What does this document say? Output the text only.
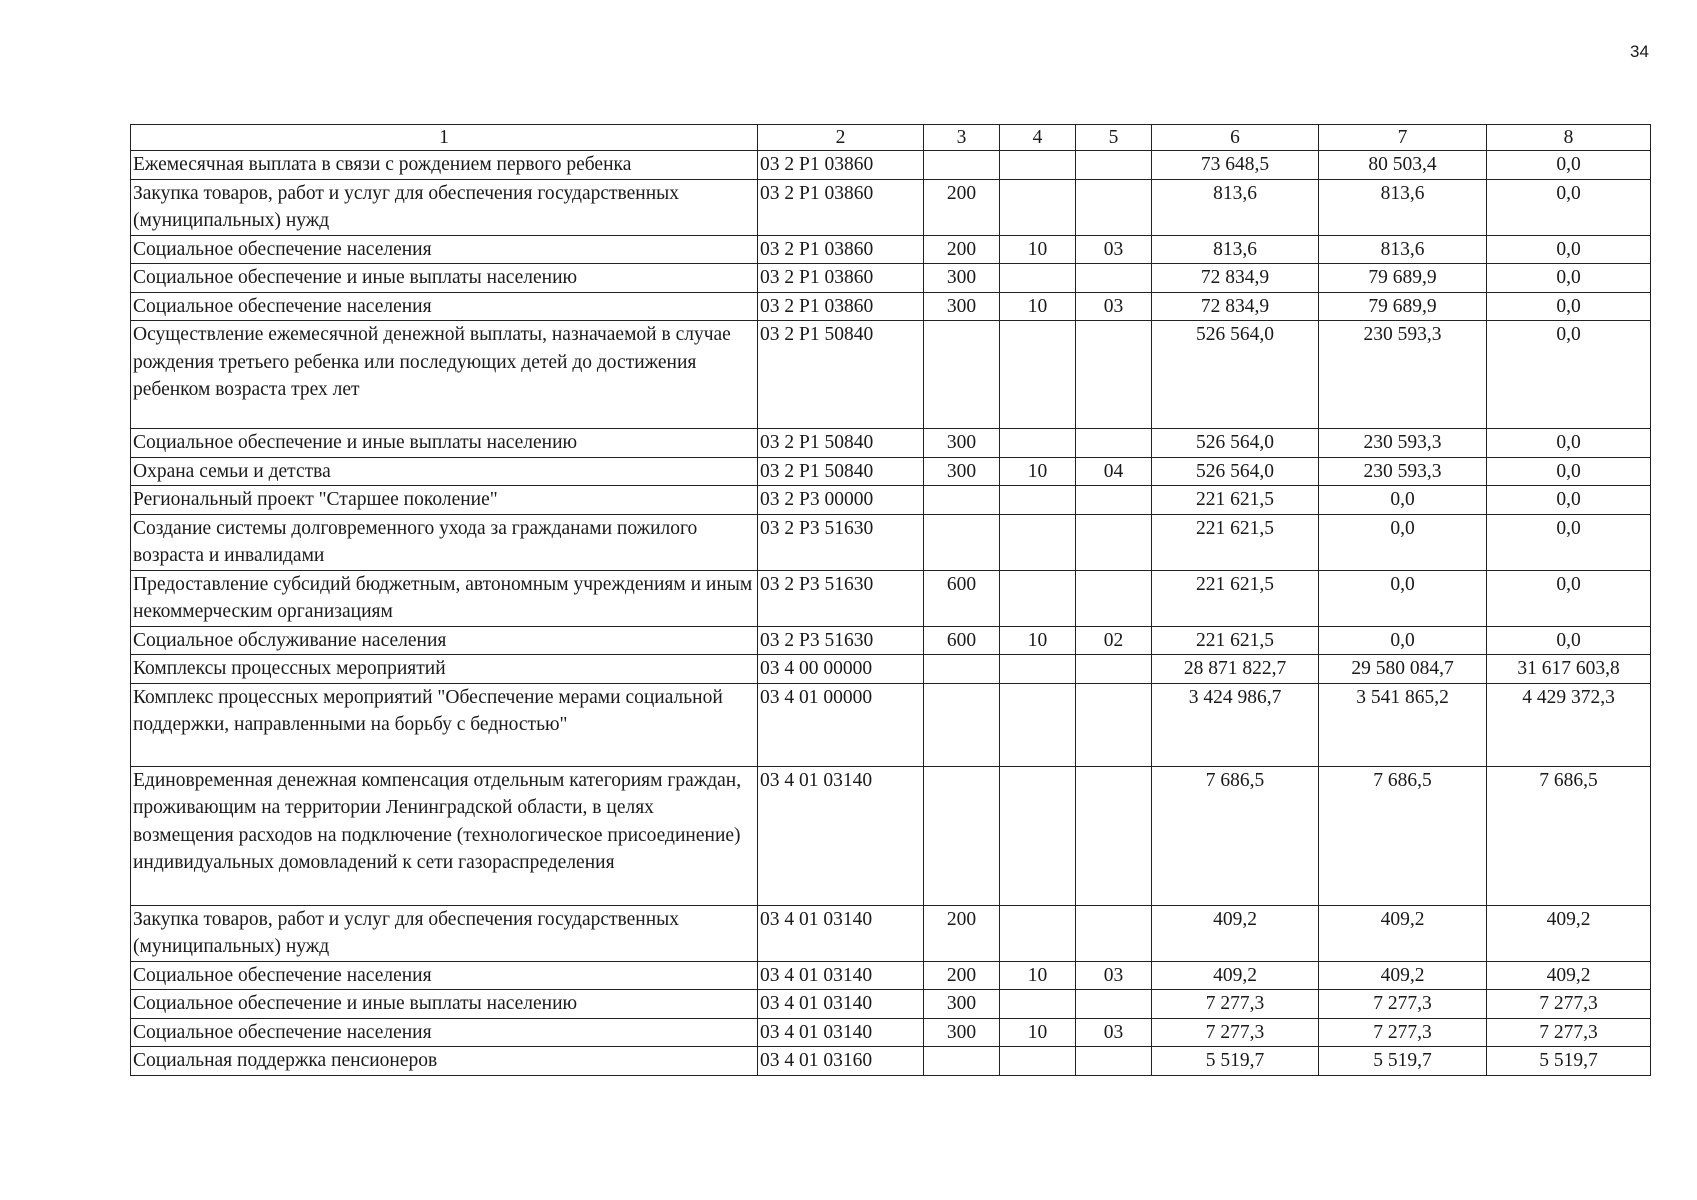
34
1	2	3	4	5	6	7	8
Ежемесячная выплата в связи с рождением первого ребенка	03 2 P1 03860				73 648,5	80 503,4	0,0
Закупка товаров, работ и услуг для обеспечения государственных (муниципальных) нужд	03 2 P1 03860	200			813,6	813,6	0,0
Социальное обеспечение населения	03 2 P1 03860	200	10	03	813,6	813,6	0,0
Социальное обеспечение и иные выплаты населению	03 2 P1 03860	300			72 834,9	79 689,9	0,0
Социальное обеспечение населения	03 2 P1 03860	300	10	03	72 834,9	79 689,9	0,0
Осуществление ежемесячной денежной выплаты, назначаемой в случае рождения третьего ребенка или последующих детей до достижения ребенком возраста трех лет	03 2 P1 50840				526 564,0	230 593,3	0,0
Социальное обеспечение и иные выплаты населению	03 2 P1 50840	300			526 564,0	230 593,3	0,0
Охрана семьи и детства	03 2 P1 50840	300	10	04	526 564,0	230 593,3	0,0
Региональный проект "Старшее поколение"	03 2 P3 00000				221 621,5	0,0	0,0
Создание системы долговременного ухода за гражданами пожилого возраста и инвалидами	03 2 P3 51630				221 621,5	0,0	0,0
Предоставление субсидий бюджетным, автономным учреждениям и иным некоммерческим организациям	03 2 P3 51630	600			221 621,5	0,0	0,0
Социальное обслуживание населения	03 2 P3 51630	600	10	02	221 621,5	0,0	0,0
Комплексы процессных мероприятий	03 4 00 00000				28 871 822,7	29 580 084,7	31 617 603,8
Комплекс процессных мероприятий "Обеспечение мерами социальной поддержки, направленными на борьбу с бедностью"	03 4 01 00000				3 424 986,7	3 541 865,2	4 429 372,3
Единовременная денежная компенсация отдельным категориям граждан, проживающим на территории Ленинградской области, в целях возмещения расходов на подключение (технологическое присоединение) индивидуальных домовладений к сети газораспределения	03 4 01 03140				7 686,5	7 686,5	7 686,5
Закупка товаров, работ и услуг для обеспечения государственных (муниципальных) нужд	03 4 01 03140	200			409,2	409,2	409,2
Социальное обеспечение населения	03 4 01 03140	200	10	03	409,2	409,2	409,2
Социальное обеспечение и иные выплаты населению	03 4 01 03140	300			7 277,3	7 277,3	7 277,3
Социальное обеспечение населения	03 4 01 03140	300	10	03	7 277,3	7 277,3	7 277,3
Социальная поддержка пенсионеров	03 4 01 03160				5 519,7	5 519,7	5 519,7
